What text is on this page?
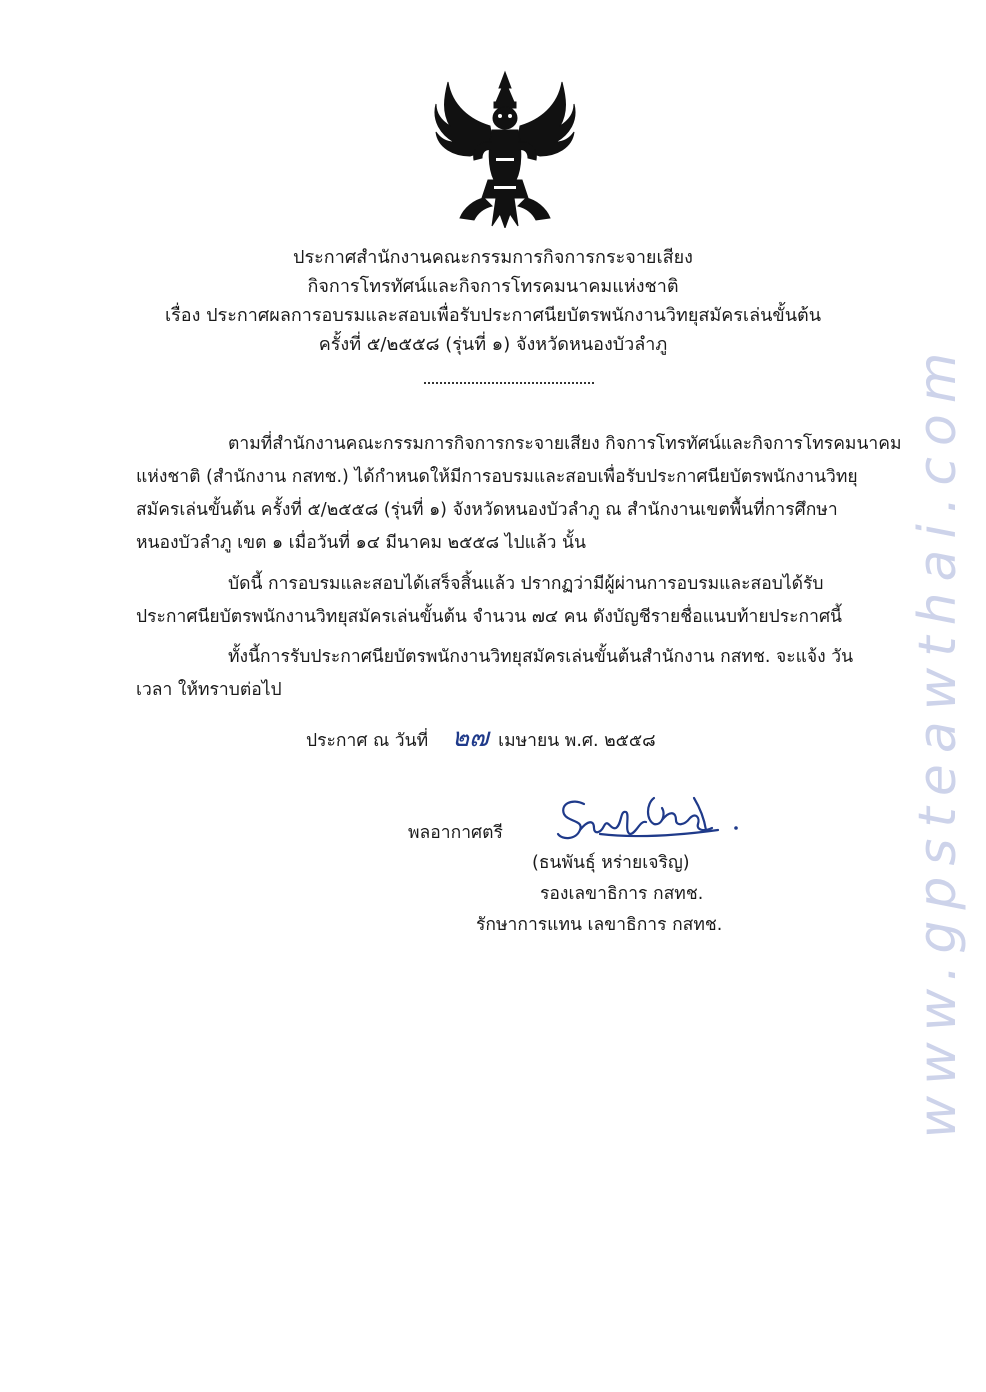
ประกาศสำนักงานคณะกรรมการกิจการกระจายเสียง
กิจการโทรทัศน์และกิจการโทรคมนาคมแห่งชาติ
เรื่อง ประกาศผลการอบรมและสอบเพื่อรับประกาศนียบัตรพนักงานวิทยุสมัครเล่นขั้นต้น
ครั้งที่ ๕/๒๕๕๘ (รุ่นที่ ๑) จังหวัดหนองบัวลำภู
ตามที่สำนักงานคณะกรรมการกิจการกระจายเสียง กิจการโทรทัศน์และกิจการโทรคมนาคม
แห่งชาติ (สำนักงาน กสทช.) ได้กำหนดให้มีการอบรมและสอบเพื่อรับประกาศนียบัตรพนักงานวิทยุ
สมัครเล่นขั้นต้น ครั้งที่ ๕/๒๕๕๘ (รุ่นที่ ๑) จังหวัดหนองบัวลำภู ณ สำนักงานเขตพื้นที่การศึกษา
หนองบัวลำภู เขต ๑ เมื่อวันที่ ๑๔ มีนาคม ๒๕๕๘ ไปแล้ว นั้น
บัดนี้ การอบรมและสอบได้เสร็จสิ้นแล้ว ปรากฏว่ามีผู้ผ่านการอบรมและสอบได้รับ
ประกาศนียบัตรพนักงานวิทยุสมัครเล่นขั้นต้น จำนวน ๗๔ คน ดังบัญชีรายชื่อแนบท้ายประกาศนี้
ทั้งนี้การรับประกาศนียบัตรพนักงานวิทยุสมัครเล่นขั้นต้นสำนักงาน กสทช. จะแจ้ง วัน
เวลา ให้ทราบต่อไป
ประกาศ ณ วันที่	เมษายน พ.ศ. ๒๕๕๘
๒๗
พลอากาศตรี
(ธนพันธุ์ หร่ายเจริญ)
รองเลขาธิการ กสทช.
รักษาการแทน เลขาธิการ กสทช.	www.gpsteawthai.com
